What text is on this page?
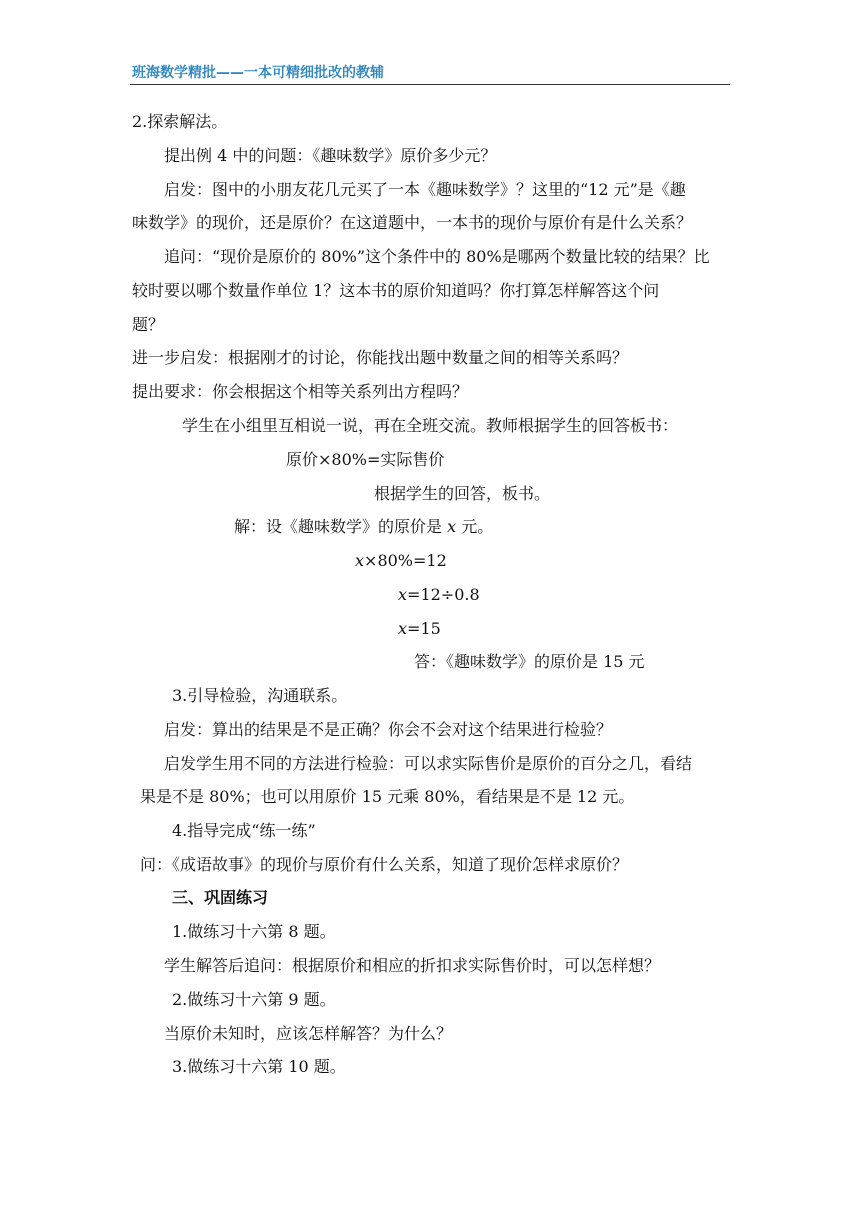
班海数学精批——一本可精细批改的教辅
2.探索解法。
提出例 4 中的问题：《趣味数学》原价多少元？
启发：图中的小朋友花几元买了一本《趣味数学》？这里的“12 元”是《趣
味数学》的现价，还是原价？在这道题中，一本书的现价与原价有是什么关系？
追问：“现价是原价的 80%”这个条件中的 80%是哪两个数量比较的结果？比
较时要以哪个数量作单位 1？这本书的原价知道吗？你打算怎样解答这个问
题？
进一步启发：根据刚才的讨论，你能找出题中数量之间的相等关系吗？
提出要求：你会根据这个相等关系列出方程吗？
学生在小组里互相说一说，再在全班交流。教师根据学生的回答板书：
原价×80%=实际售价
根据学生的回答，板书。
解：设《趣味数学》的原价是 x 元。
x×80%=12
x=12÷0.8
x=15
答：《趣味数学》的原价是 15 元
3.引导检验，沟通联系。
启发：算出的结果是不是正确？你会不会对这个结果进行检验？
启发学生用不同的方法进行检验：可以求实际售价是原价的百分之几，看结
果是不是 80%；也可以用原价 15 元乘 80%，看结果是不是 12 元。
4.指导完成“练一练”
问：《成语故事》的现价与原价有什么关系，知道了现价怎样求原价？
三、巩固练习
1.做练习十六第 8 题。
学生解答后追问：根据原价和相应的折扣求实际售价时，可以怎样想？
2.做练习十六第 9 题。
当原价未知时，应该怎样解答？为什么？
3.做练习十六第 10 题。
